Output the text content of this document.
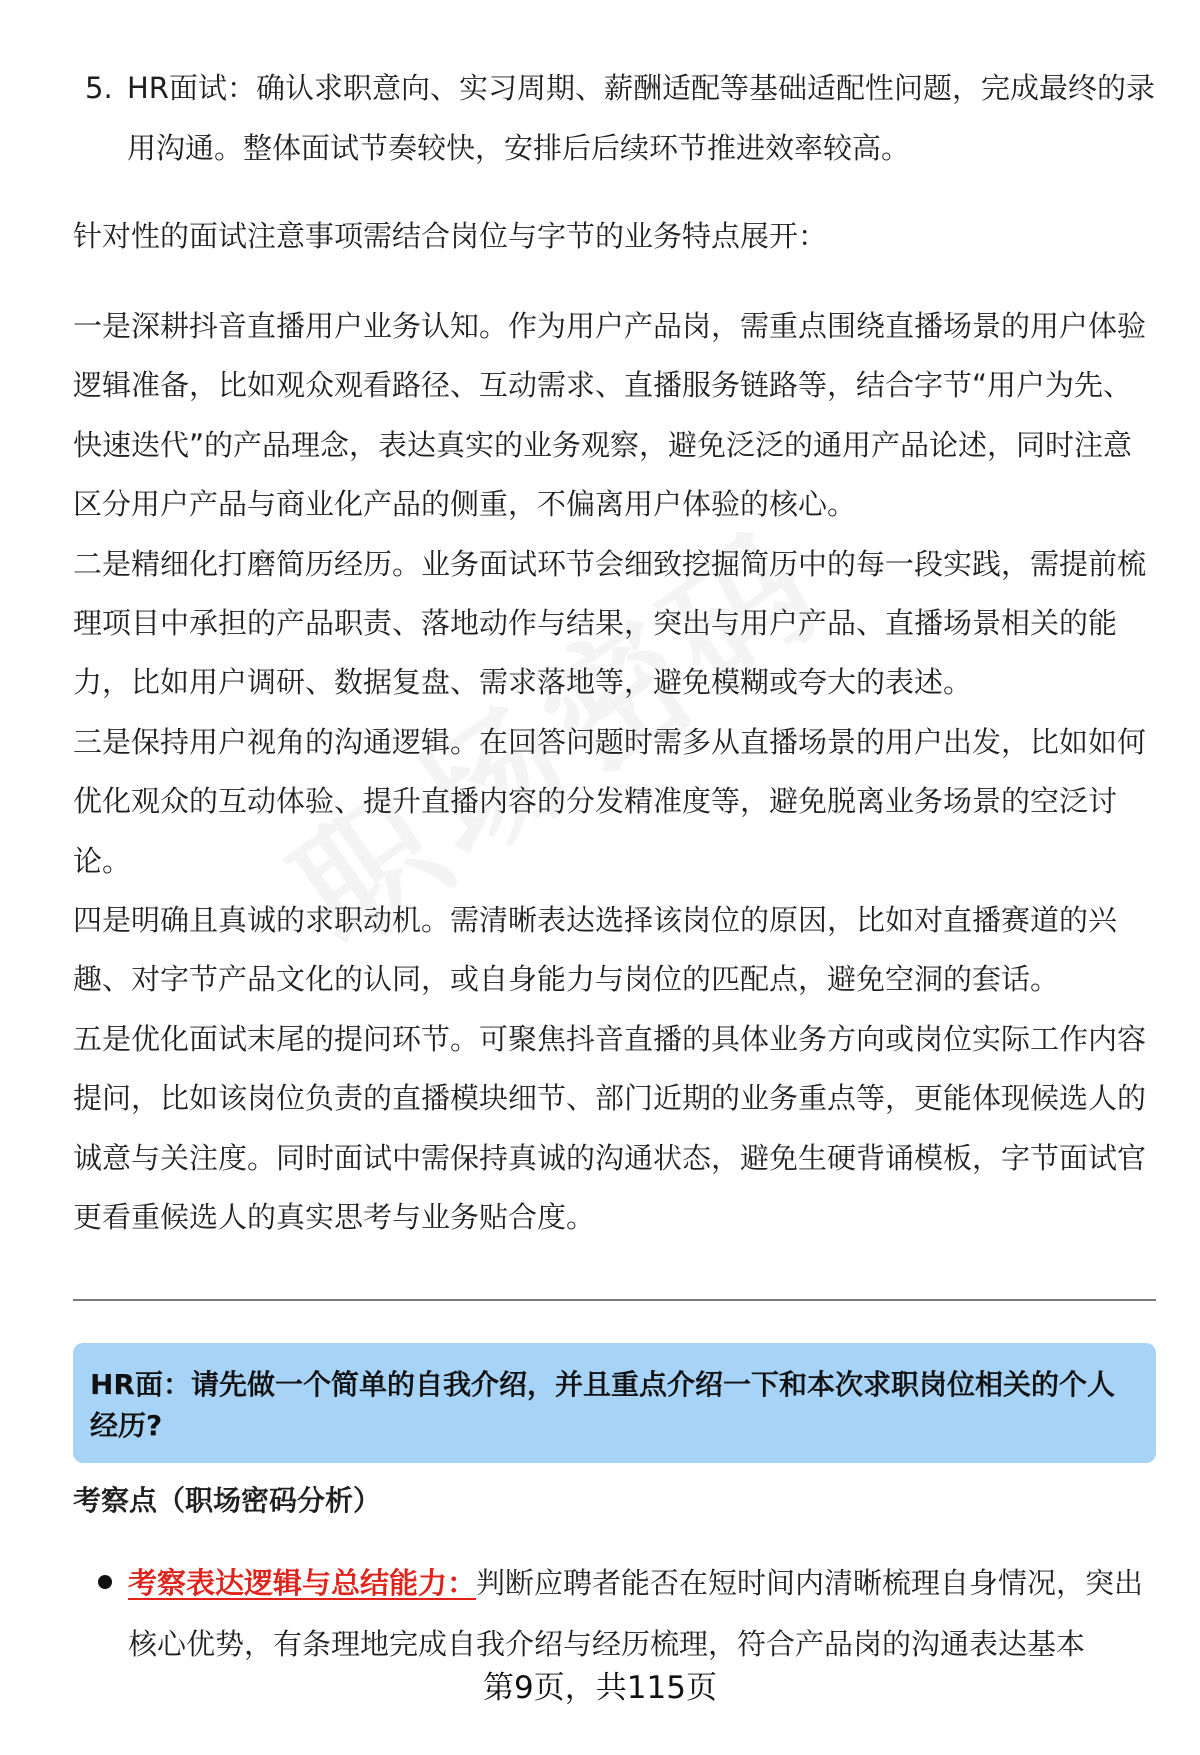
5. HR面试：确认求职意向、实习周期、薪酬适配等基础适配性问题，完成最终的录用沟通。整体面试节奏较快，安排后后续环节推进效率较高。

针对性的面试注意事项需结合岗位与字节的业务特点展开：

一是深耕抖音直播用户业务认知。作为用户产品岗，需重点围绕直播场景的用户体验逻辑准备，比如观众观看路径、互动需求、直播服务链路等，结合字节“用户为先、快速迭代”的产品理念，表达真实的业务观察，避免泛泛的通用产品论述，同时注意区分用户产品与商业化产品的侧重，不偏离用户体验的核心。

二是精细化打磨简历经历。业务面试环节会细致挖掘简历中的每一段实践，需提前梳理项目中承担的产品职责、落地动作与结果，突出与用户产品、直播场景相关的能力，比如用户调研、数据复盘、需求落地等，避免模糊或夸大的表述。

三是保持用户视角的沟通逻辑。在回答问题时需多从直播场景的用户出发，比如如何优化观众的互动体验、提升直播内容的分发精准度等，避免脱离业务场景的空泛讨论。

四是明确且真诚的求职动机。需清晰表达选择该岗位的原因，比如对直播赛道的兴趣、对字节产品文化的认同，或自身能力与岗位的匹配点，避免空洞的套话。

五是优化面试末尾的提问环节。可聚焦抖音直播的具体业务方向或岗位实际工作内容提问，比如该岗位负责的直播模块细节、部门近期的业务重点等，更能体现候选人的诚意与关注度。同时面试中需保持真诚的沟通状态，避免生硬背诵模板，字节面试官更看重候选人的真实思考与业务贴合度。

HR面：请先做一个简单的自我介绍，并且重点介绍一下和本次求职岗位相关的个人经历?
考察点（职场密码分析）
考察表达逻辑与总结能力：判断应聘者能否在短时间内清晰梳理自身情况，突出核心优势，有条理地完成自我介绍与经历梳理，符合产品岗的沟通表达基本
第9页，共115页
